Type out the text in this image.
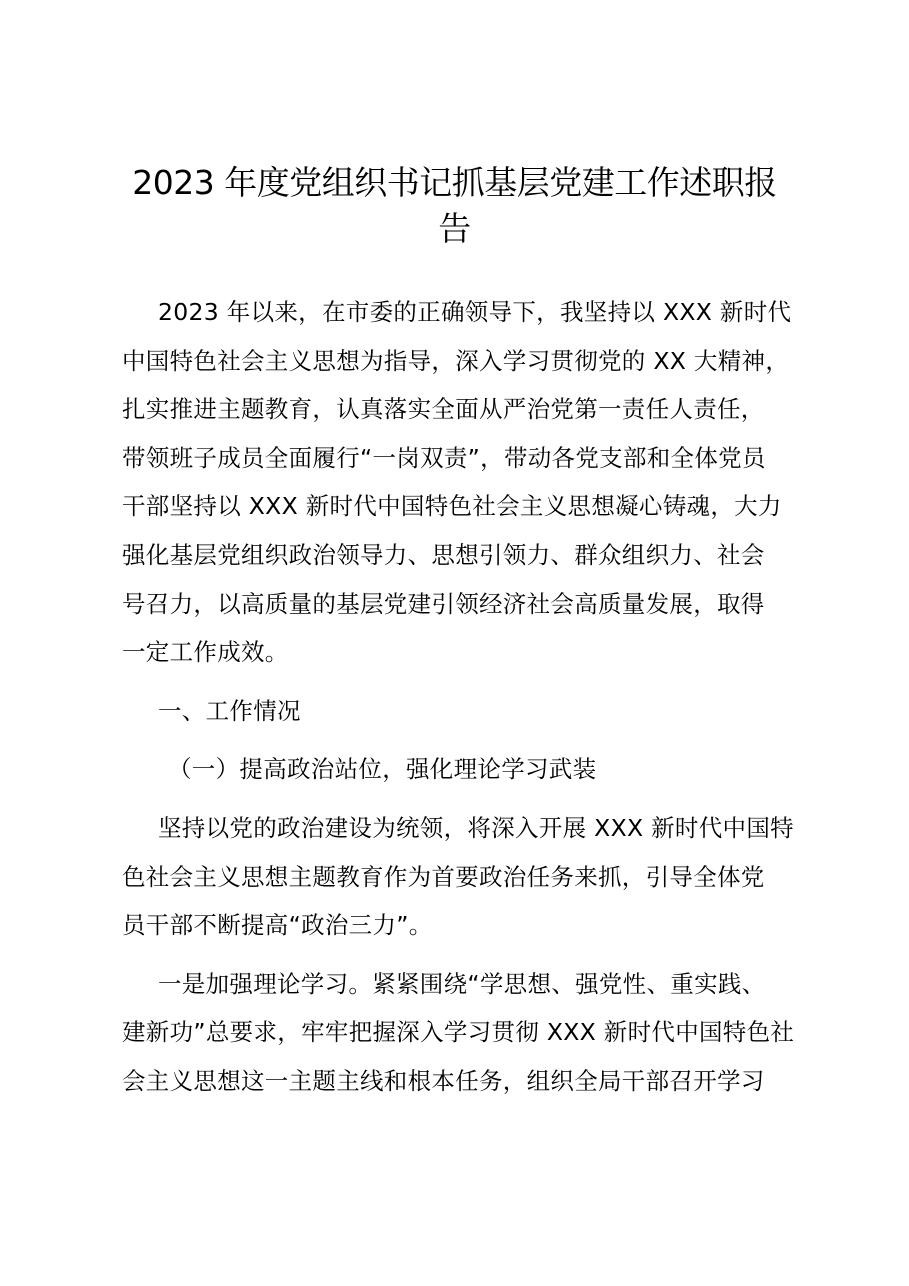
2023 年度党组织书记抓基层党建工作述职报
告
2023 年以来，在市委的正确领导下，我坚持以 XXX 新时代
中国特色社会主义思想为指导，深入学习贯彻党的 XX 大精神，
扎实推进主题教育，认真落实全面从严治党第一责任人责任，
带领班子成员全面履行“一岗双责”，带动各党支部和全体党员
干部坚持以 XXX 新时代中国特色社会主义思想凝心铸魂，大力
强化基层党组织政治领导力、思想引领力、群众组织力、社会
号召力，以高质量的基层党建引领经济社会高质量发展，取得
一定工作成效。
一、工作情况
（一）提高政治站位，强化理论学习武装
坚持以党的政治建设为统领，将深入开展 XXX 新时代中国特
色社会主义思想主题教育作为首要政治任务来抓，引导全体党
员干部不断提高“政治三力”。
一是加强理论学习。紧紧围绕“学思想、强党性、重实践、
建新功”总要求，牢牢把握深入学习贯彻 XXX 新时代中国特色社
会主义思想这一主题主线和根本任务，组织全局干部召开学习
